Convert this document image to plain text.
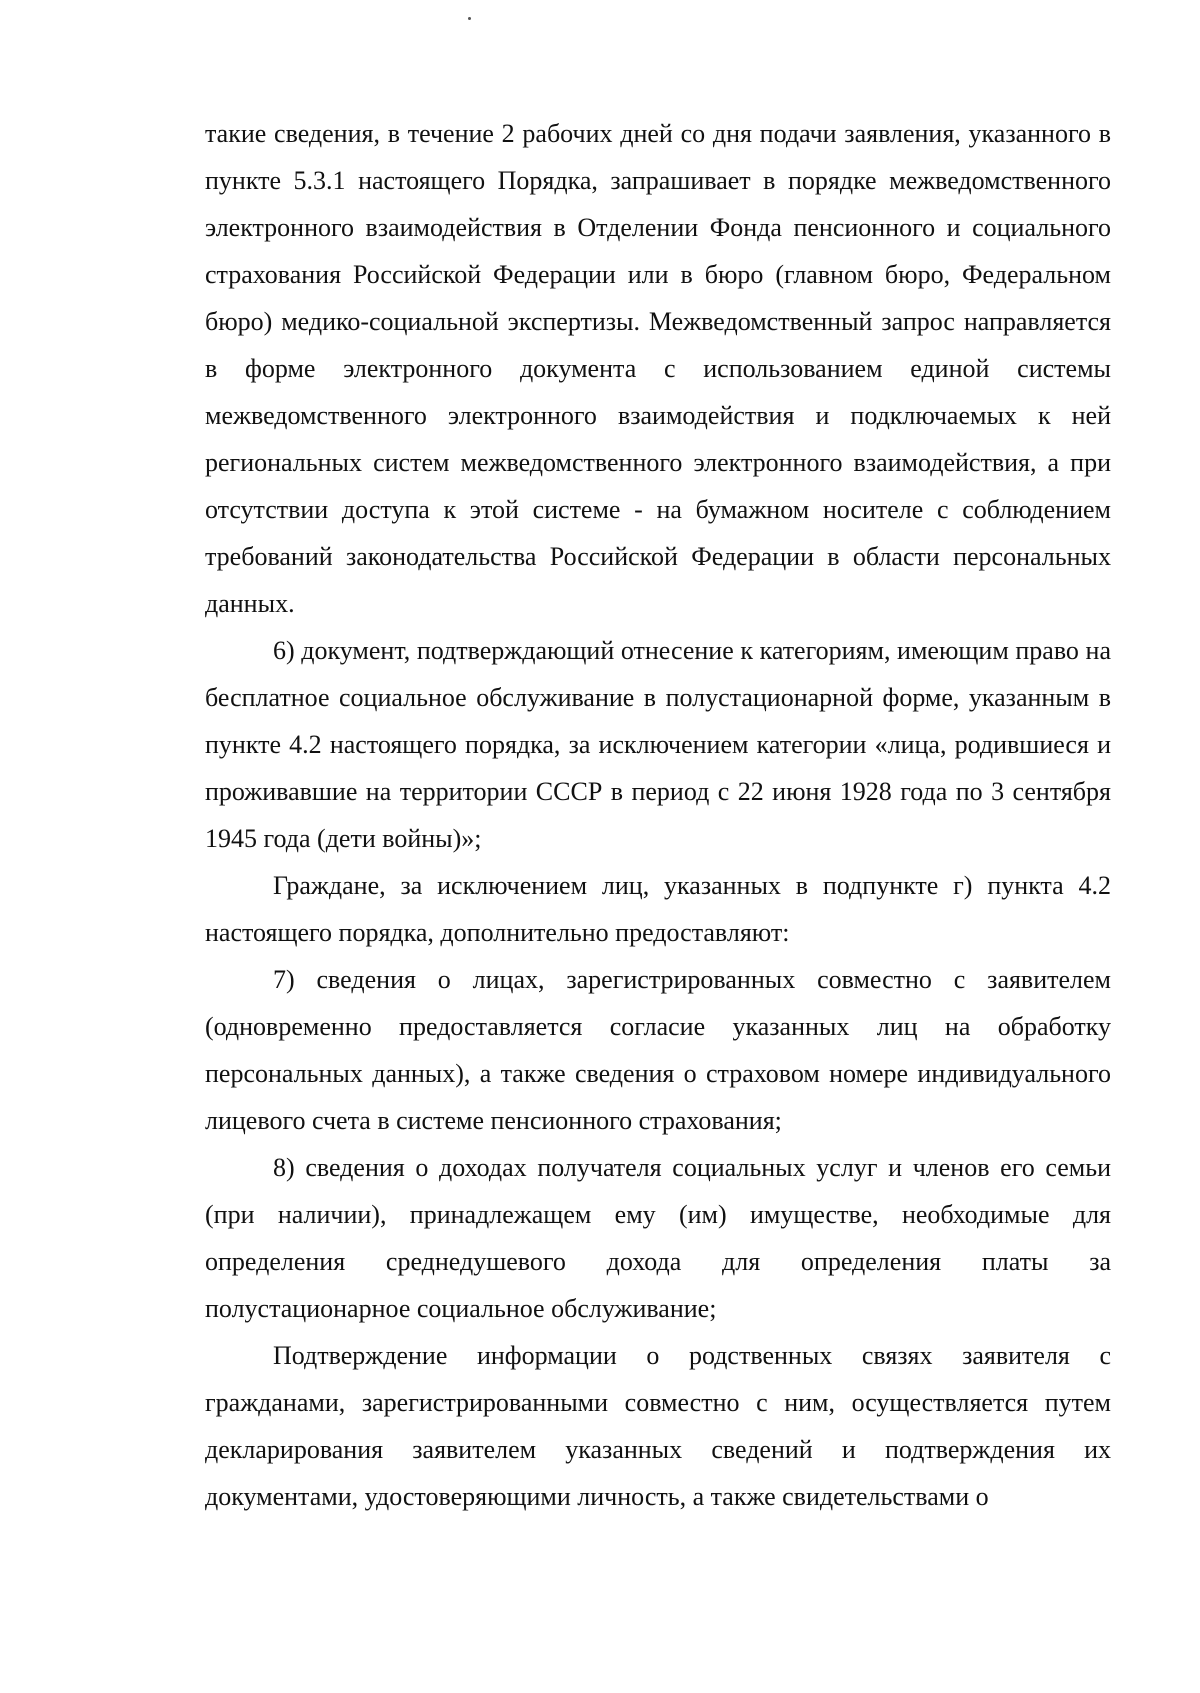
такие сведения, в течение 2 рабочих дней со дня подачи заявления, указанного в пункте 5.3.1 настоящего Порядка, запрашивает в порядке межведомственного электронного взаимодействия в Отделении Фонда пенсионного и социального страхования Российской Федерации или в бюро (главном бюро, Федеральном бюро) медико-социальной экспертизы. Межведомственный запрос направляется в форме электронного документа с использованием единой системы межведомственного электронного взаимодействия и подключаемых к ней региональных систем межведомственного электронного взаимодействия, а при отсутствии доступа к этой системе - на бумажном носителе с соблюдением требований законодательства Российской Федерации в области персональных данных.

6) документ, подтверждающий отнесение к категориям, имеющим право на бесплатное социальное обслуживание в полустационарной форме, указанным в пункте 4.2 настоящего порядка, за исключением категории «лица, родившиеся и проживавшие на территории СССР в период с 22 июня 1928 года по 3 сентября 1945 года (дети войны)»;

Граждане, за исключением лиц, указанных в подпункте г) пункта 4.2 настоящего порядка, дополнительно предоставляют:

7) сведения о лицах, зарегистрированных совместно с заявителем (одновременно предоставляется согласие указанных лиц на обработку персональных данных), а также сведения о страховом номере индивидуального лицевого счета в системе пенсионного страхования;

8) сведения о доходах получателя социальных услуг и членов его семьи (при наличии), принадлежащем ему (им) имуществе, необходимые для определения среднедушевого дохода для определения платы за полустационарное социальное обслуживание;

Подтверждение информации о родственных связях заявителя с гражданами, зарегистрированными совместно с ним, осуществляется путем декларирования заявителем указанных сведений и подтверждения их документами, удостоверяющими личность, а также свидетельствами о
